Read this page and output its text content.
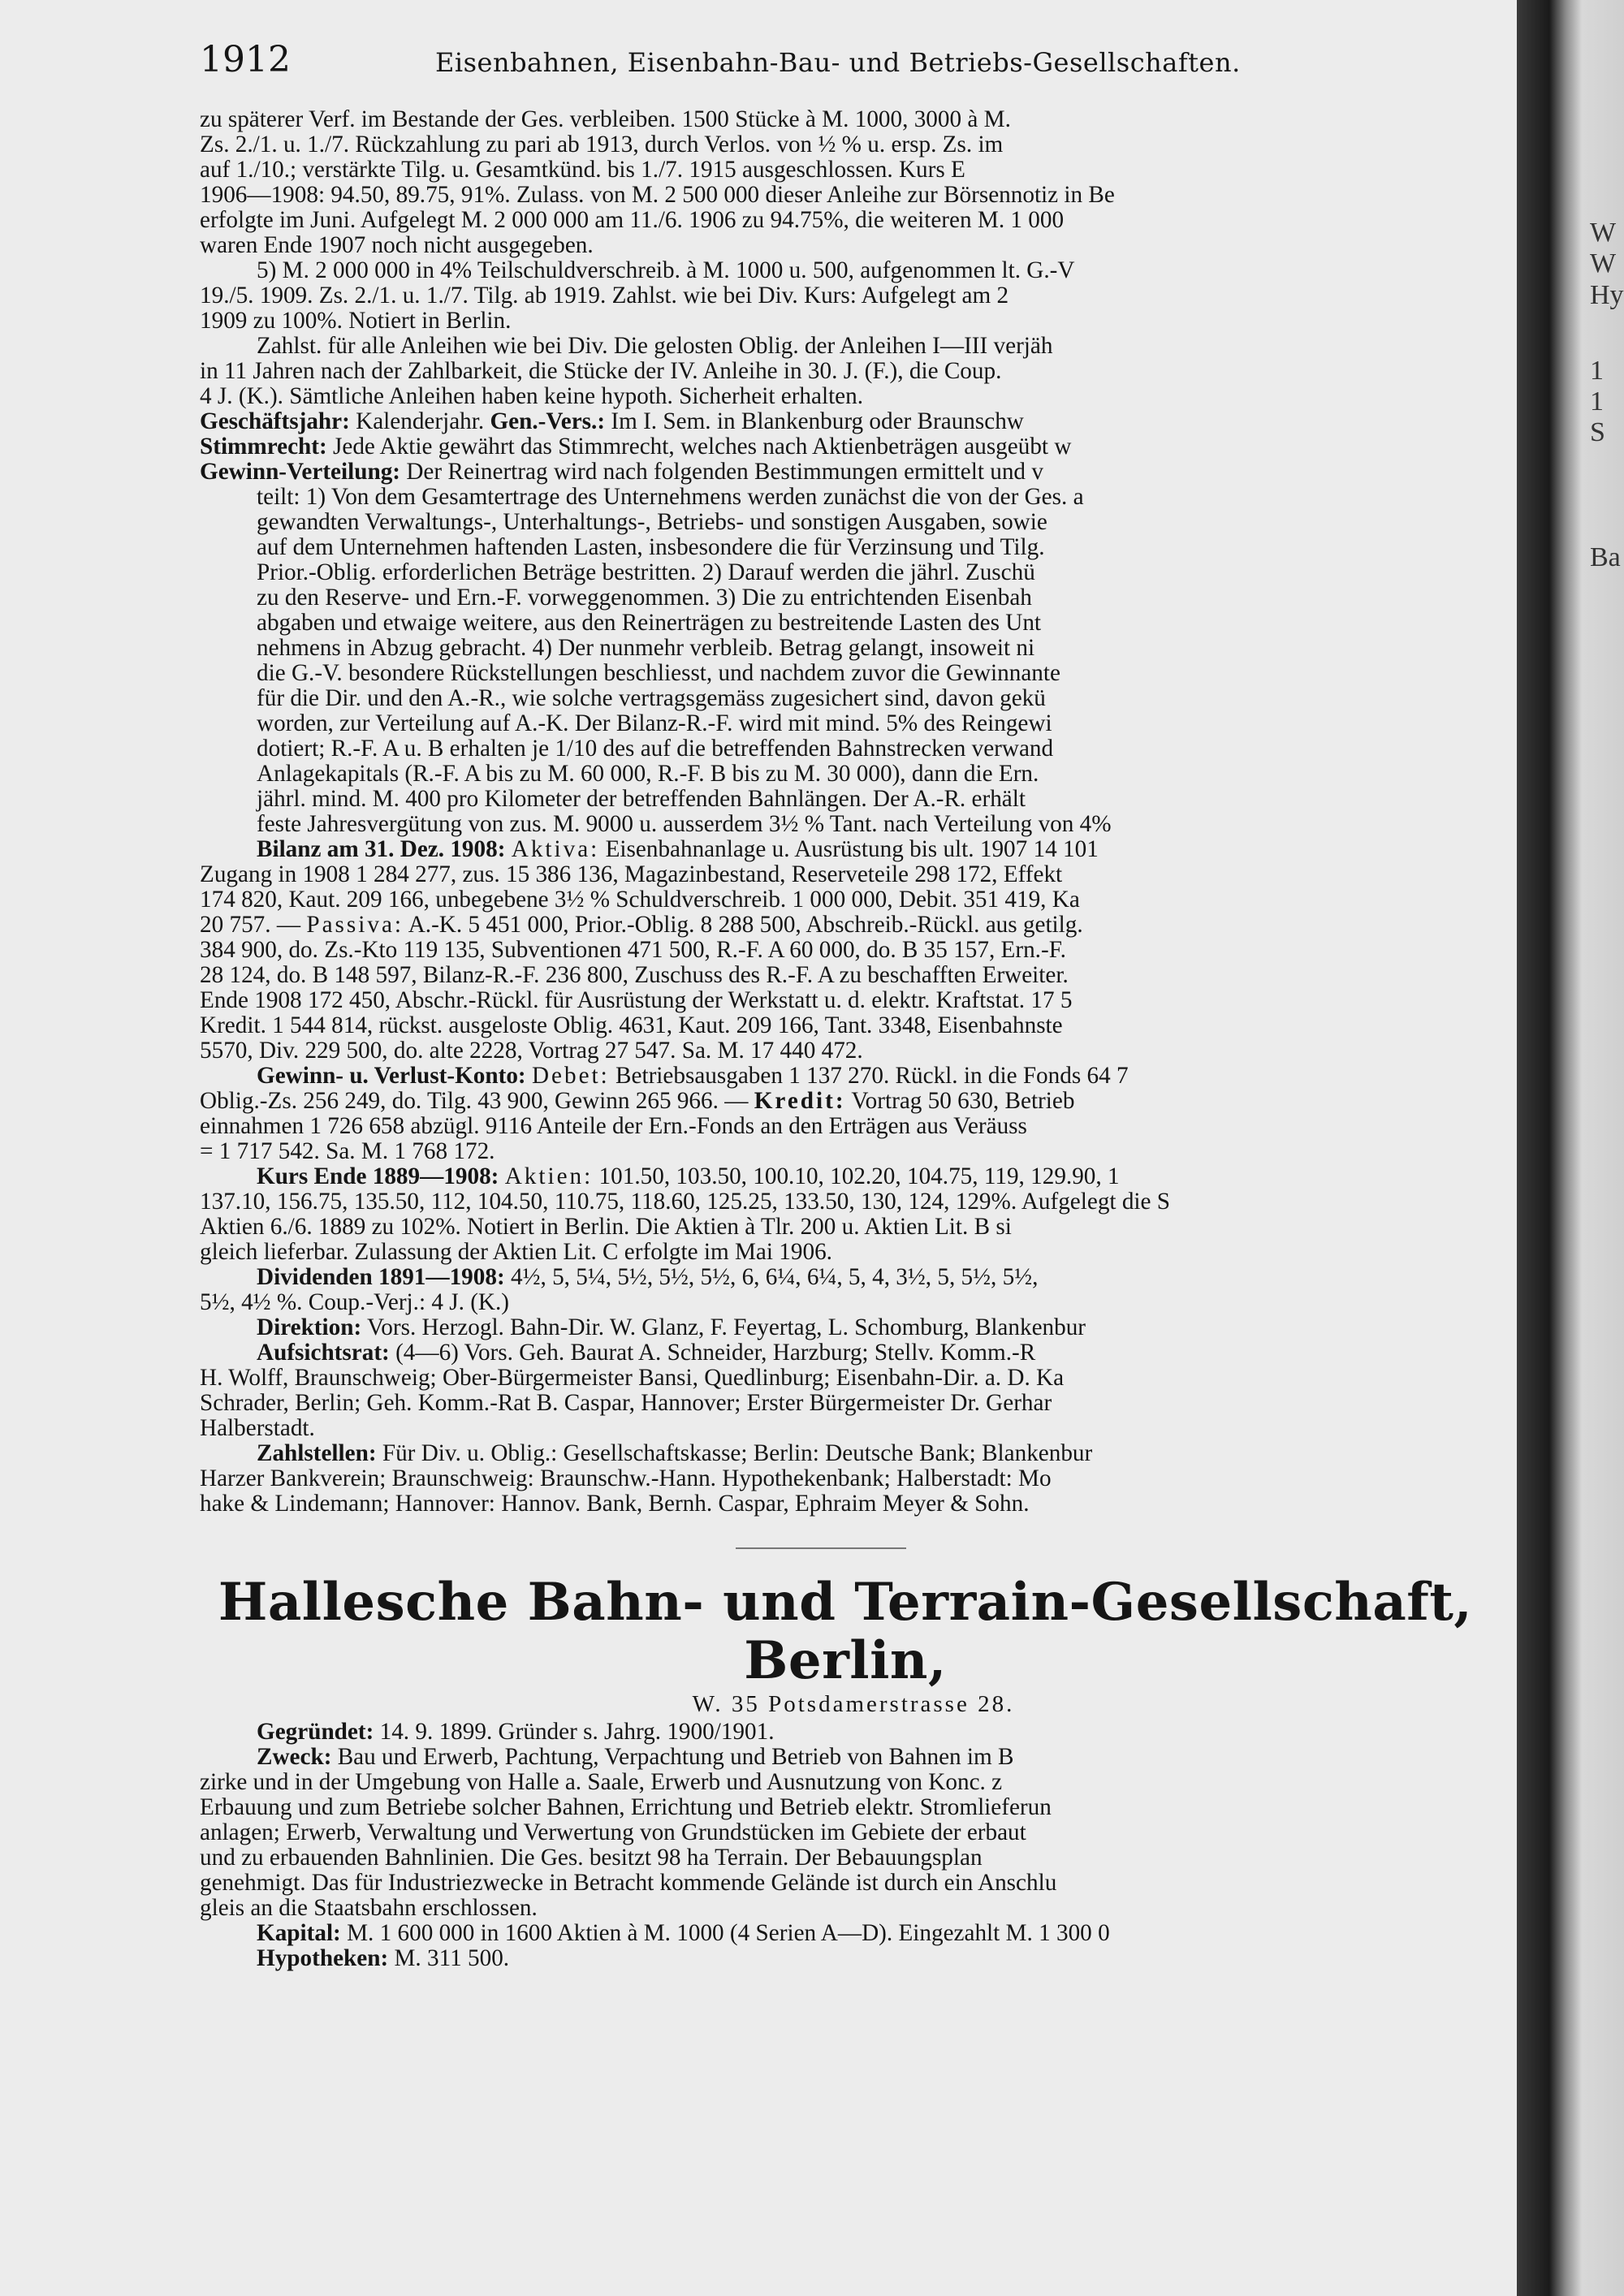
1912	Eisenbahnen, Eisenbahn-Bau- und Betriebs-Gesellschaften.

zu späterer Verf. im Bestande der Ges. verbleiben. 1500 Stücke à M. 1000, 3000 à M.

Zs. 2./1. u. 1./7. Rückzahlung zu pari ab 1913, durch Verlos. von ½ % u. ersp. Zs. im

auf 1./10.; verstärkte Tilg. u. Gesamtkünd. bis 1./7. 1915 ausgeschlossen. Kurs E

1906—1908: 94.50, 89.75, 91%. Zulass. von M. 2 500 000 dieser Anleihe zur Börsennotiz in Be

erfolgte im Juni. Aufgelegt M. 2 000 000 am 11./6. 1906 zu 94.75%, die weiteren M. 1 000

waren Ende 1907 noch nicht ausgegeben.

5) M. 2 000 000 in 4% Teilschuldverschreib. à M. 1000 u. 500, aufgenommen lt. G.-V

19./5. 1909. Zs. 2./1. u. 1./7. Tilg. ab 1919. Zahlst. wie bei Div. Kurs: Aufgelegt am 2

1909 zu 100%. Notiert in Berlin.

Zahlst. für alle Anleihen wie bei Div. Die gelosten Oblig. der Anleihen I—III verjäh

in 11 Jahren nach der Zahlbarkeit, die Stücke der IV. Anleihe in 30. J. (F.), die Coup.

4 J. (K.). Sämtliche Anleihen haben keine hypoth. Sicherheit erhalten.

Geschäftsjahr: Kalenderjahr. Gen.-Vers.: Im I. Sem. in Blankenburg oder Braunschw

Stimmrecht: Jede Aktie gewährt das Stimmrecht, welches nach Aktienbeträgen ausgeübt w

Gewinn-Verteilung: Der Reinertrag wird nach folgenden Bestimmungen ermittelt und v

teilt: 1) Von dem Gesamtertrage des Unternehmens werden zunächst die von der Ges. a

gewandten Verwaltungs-, Unterhaltungs-, Betriebs- und sonstigen Ausgaben, sowie

auf dem Unternehmen haftenden Lasten, insbesondere die für Verzinsung und Tilg.

Prior.-Oblig. erforderlichen Beträge bestritten. 2) Darauf werden die jährl. Zuschü

zu den Reserve- und Ern.-F. vorweggenommen. 3) Die zu entrichtenden Eisenbah

abgaben und etwaige weitere, aus den Reinerträgen zu bestreitende Lasten des Unt

nehmens in Abzug gebracht. 4) Der nunmehr verbleib. Betrag gelangt, insoweit ni

die G.-V. besondere Rückstellungen beschliesst, und nachdem zuvor die Gewinnante

für die Dir. und den A.-R., wie solche vertragsgemäss zugesichert sind, davon gekü

worden, zur Verteilung auf A.-K. Der Bilanz-R.-F. wird mit mind. 5% des Reingewi

dotiert; R.-F. A u. B erhalten je 1/10 des auf die betreffenden Bahnstrecken verwand

Anlagekapitals (R.-F. A bis zu M. 60 000, R.-F. B bis zu M. 30 000), dann die Ern.

jährl. mind. M. 400 pro Kilometer der betreffenden Bahnlängen. Der A.-R. erhält

feste Jahresvergütung von zus. M. 9000 u. ausserdem 3½ % Tant. nach Verteilung von 4%

Bilanz am 31. Dez. 1908: Aktiva: Eisenbahnanlage u. Ausrüstung bis ult. 1907 14 101

Zugang in 1908 1 284 277, zus. 15 386 136, Magazinbestand, Reserveteile 298 172, Effekt

174 820, Kaut. 209 166, unbegebene 3½ % Schuldverschreib. 1 000 000, Debit. 351 419, Ka

20 757. — Passiva: A.-K. 5 451 000, Prior.-Oblig. 8 288 500, Abschreib.-Rückl. aus getilg.

384 900, do. Zs.-Kto 119 135, Subventionen 471 500, R.-F. A 60 000, do. B 35 157, Ern.-F.

28 124, do. B 148 597, Bilanz-R.-F. 236 800, Zuschuss des R.-F. A zu beschafften Erweiter.

Ende 1908 172 450, Abschr.-Rückl. für Ausrüstung der Werkstatt u. d. elektr. Kraftstat. 17 5

Kredit. 1 544 814, rückst. ausgeloste Oblig. 4631, Kaut. 209 166, Tant. 3348, Eisenbahnste

5570, Div. 229 500, do. alte 2228, Vortrag 27 547. Sa. M. 17 440 472.

Gewinn- u. Verlust-Konto: Debet: Betriebsausgaben 1 137 270. Rückl. in die Fonds 64 7

Oblig.-Zs. 256 249, do. Tilg. 43 900, Gewinn 265 966. — Kredit: Vortrag 50 630, Betrieb

einnahmen 1 726 658 abzügl. 9116 Anteile der Ern.-Fonds an den Erträgen aus Veräuss

= 1 717 542. Sa. M. 1 768 172.

Kurs Ende 1889—1908: Aktien: 101.50, 103.50, 100.10, 102.20, 104.75, 119, 129.90, 1

137.10, 156.75, 135.50, 112, 104.50, 110.75, 118.60, 125.25, 133.50, 130, 124, 129%. Aufgelegt die S

Aktien 6./6. 1889 zu 102%. Notiert in Berlin. Die Aktien à Tlr. 200 u. Aktien Lit. B si

gleich lieferbar. Zulassung der Aktien Lit. C erfolgte im Mai 1906.

Dividenden 1891—1908: 4½, 5, 5¼, 5½, 5½, 5½, 6, 6¼, 6¼, 5, 4, 3½, 5, 5½, 5½,

5½, 4½ %. Coup.-Verj.: 4 J. (K.)

Direktion: Vors. Herzogl. Bahn-Dir. W. Glanz, F. Feyertag, L. Schomburg, Blankenbur

Aufsichtsrat: (4—6) Vors. Geh. Baurat A. Schneider, Harzburg; Stellv. Komm.-R

H. Wolff, Braunschweig; Ober-Bürgermeister Bansi, Quedlinburg; Eisenbahn-Dir. a. D. Ka

Schrader, Berlin; Geh. Komm.-Rat B. Caspar, Hannover; Erster Bürgermeister Dr. Gerhar

Halberstadt.

Zahlstellen: Für Div. u. Oblig.: Gesellschaftskasse; Berlin: Deutsche Bank; Blankenbur

Harzer Bankverein; Braunschweig: Braunschw.-Hann. Hypothekenbank; Halberstadt: Mo

hake & Lindemann; Hannover: Hannov. Bank, Bernh. Caspar, Ephraim Meyer & Sohn.

Hallesche Bahn- und Terrain-Gesellschaft, Berlin,
W. 35 Potsdamerstrasse 28.

Gegründet: 14. 9. 1899. Gründer s. Jahrg. 1900/1901.

Zweck: Bau und Erwerb, Pachtung, Verpachtung und Betrieb von Bahnen im B

zirke und in der Umgebung von Halle a. Saale, Erwerb und Ausnutzung von Konc. z

Erbauung und zum Betriebe solcher Bahnen, Errichtung und Betrieb elektr. Stromlieferun

anlagen; Erwerb, Verwaltung und Verwertung von Grundstücken im Gebiete der erbaut

und zu erbauenden Bahnlinien. Die Ges. besitzt 98 ha Terrain. Der Bebauungsplan

genehmigt. Das für Industriezwecke in Betracht kommende Gelände ist durch ein Anschlu

gleis an die Staatsbahn erschlossen.

Kapital: M. 1 600 000 in 1600 Aktien à M. 1000 (4 Serien A—D). Eingezahlt M. 1 300 0

Hypotheken: M. 311 500.

W
W
Hy
1
1
S
Ba
